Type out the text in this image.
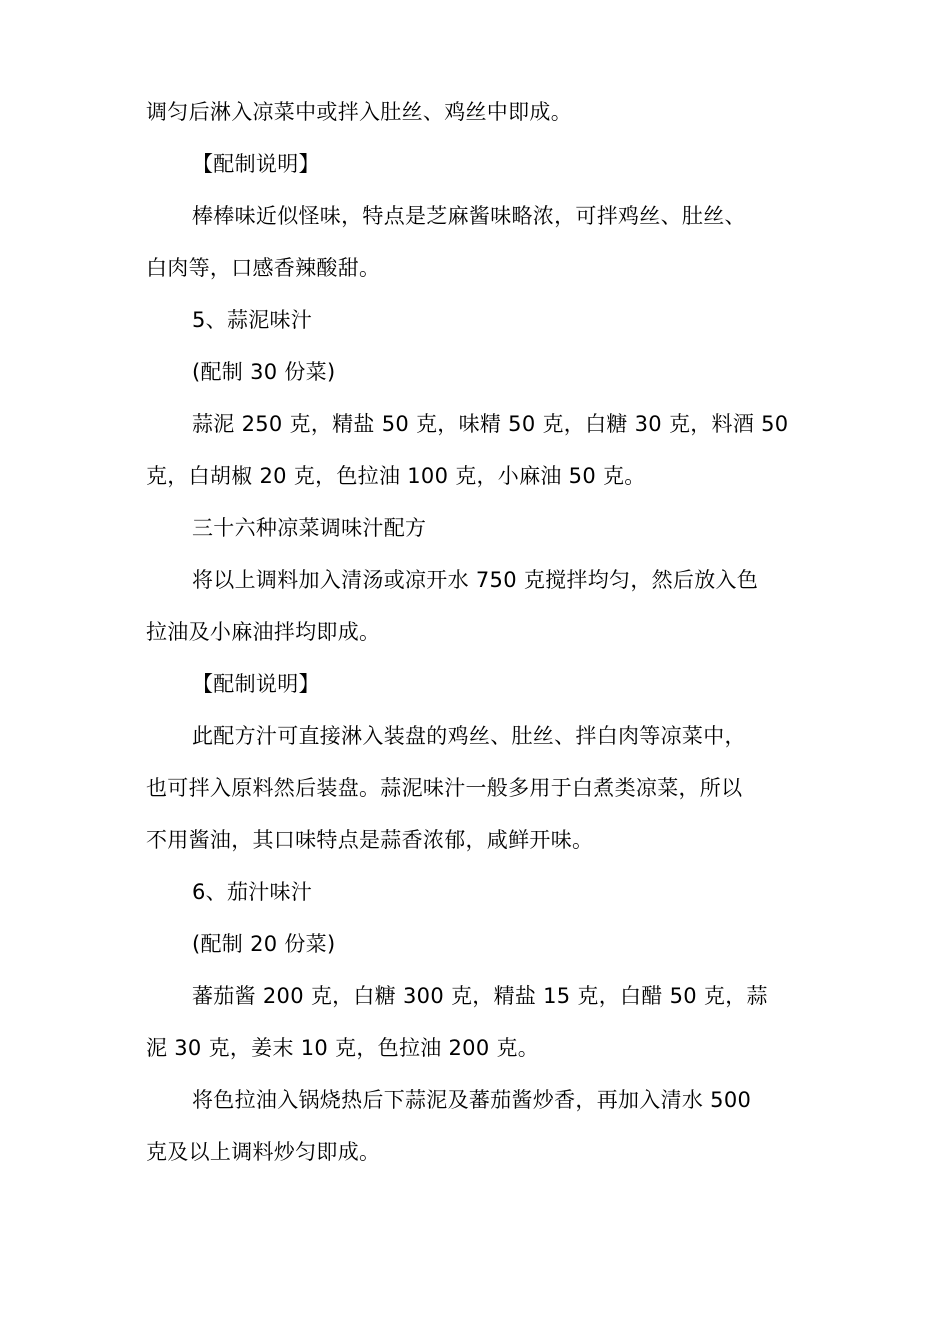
调匀后淋入凉菜中或拌入肚丝、鸡丝中即成。
【配制说明】
棒棒味近似怪味，特点是芝麻酱味略浓，可拌鸡丝、肚丝、
白肉等，口感香辣酸甜。
5、蒜泥味汁
(配制 30 份菜)
蒜泥 250 克，精盐 50 克，味精 50 克，白糖 30 克，料酒 50
克，白胡椒 20 克，色拉油 100 克，小麻油 50 克。
三十六种凉菜调味汁配方
将以上调料加入清汤或凉开水 750 克搅拌均匀，然后放入色
拉油及小麻油拌均即成。
【配制说明】
此配方汁可直接淋入装盘的鸡丝、肚丝、拌白肉等凉菜中，
也可拌入原料然后装盘。蒜泥味汁一般多用于白煮类凉菜，所以
不用酱油，其口味特点是蒜香浓郁，咸鲜开味。
6、茄汁味汁
(配制 20 份菜)
蕃茄酱 200 克，白糖 300 克，精盐 15 克，白醋 50 克，蒜
泥 30 克，姜末 10 克，色拉油 200 克。
将色拉油入锅烧热后下蒜泥及蕃茄酱炒香，再加入清水 500
克及以上调料炒匀即成。
